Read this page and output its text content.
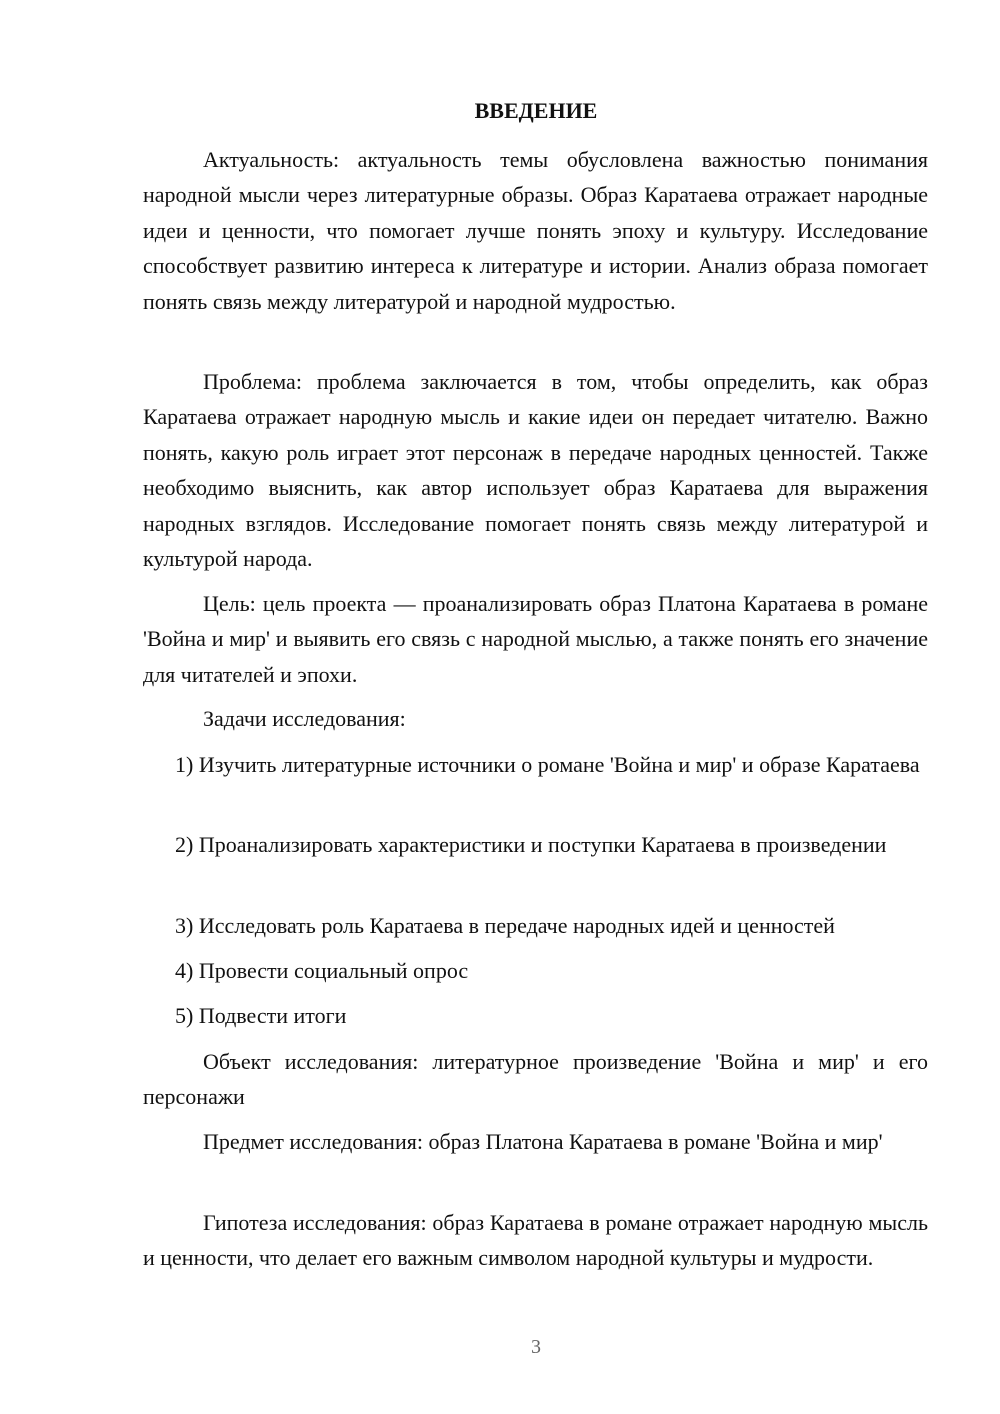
ВВЕДЕНИЕ

Актуальность: актуальность темы обусловлена важностью понимания народной мысли через литературные образы. Образ Каратаева отражает народные идеи и ценности, что помогает лучше понять эпоху и культуру. Исследование способствует развитию интереса к литературе и истории. Анализ образа помогает понять связь между литературой и народной мудростью.

Проблема: проблема заключается в том, чтобы определить, как образ Каратаева отражает народную мысль и какие идеи он передает читателю. Важно понять, какую роль играет этот персонаж в передаче народных ценностей. Также необходимо выяснить, как автор использует образ Каратаева для выражения народных взглядов. Исследование помогает понять связь между литературой и культурой народа.

Цель: цель проекта — проанализировать образ Платона Каратаева в романе 'Война и мир' и выявить его связь с народной мыслью, а также понять его значение для читателей и эпохи.

Задачи исследования:

1) Изучить литературные источники о романе 'Война и мир' и образе Каратаева

2) Проанализировать характеристики и поступки Каратаева в произведении

3) Исследовать роль Каратаева в передаче народных идей и ценностей

4) Провести социальный опрос

5) Подвести итоги

Объект исследования: литературное произведение 'Война и мир' и его персонажи

Предмет исследования: образ Платона Каратаева в романе 'Война и мир'

Гипотеза исследования: образ Каратаева в романе отражает народную мысль и ценности, что делает его важным символом народной культуры и мудрости.

3
